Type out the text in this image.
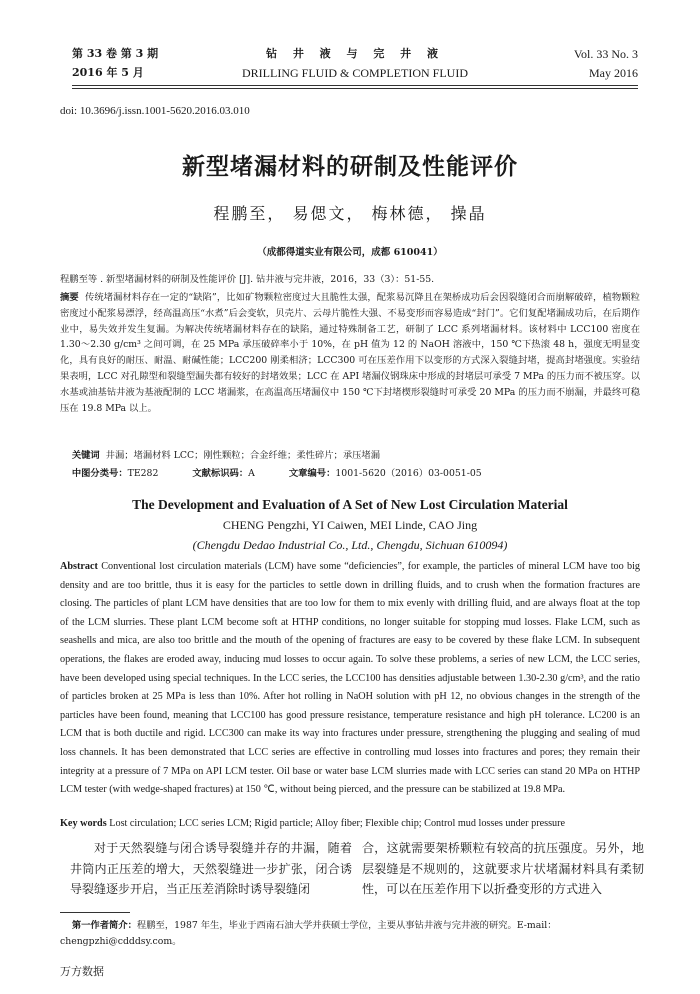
第 33 卷 第 3 期	钻 井 液 与 完 井 液	Vol. 33 No. 3
2016 年 5 月	DRILLING FLUID & COMPLETION FLUID	May 2016
doi: 10.3696/j.issn.1001-5620.2016.03.010
新型堵漏材料的研制及性能评价
程鹏至， 易偲文， 梅林德， 操晶
（成都得道实业有限公司，成都 610041）
程鹏至等 . 新型堵漏材料的研制及性能评价 [J]. 钻井液与完井液，2016，33（3）：51-55.
摘要 传统堵漏材料存在一定的“缺陷”，比如矿物颗粒密度过大且脆性太强，配浆易沉降且在架桥成功后会因裂缝闭合而崩解破碎，植物颗粒密度过小配浆易漂浮，经高温高压“水煮”后会变软，贝壳片、云母片脆性大强、不易变形而容易造成“封门”。它们复配堵漏成功后，在后期作业中，易失效并发生复漏。为解决传统堵漏材料存在的缺陷，通过特殊制备工艺，研制了 LCC 系列堵漏材料。该材料中 LCC100 密度在 1.30～2.30 g/cm³ 之间可调，在 25 MPa 承压破碎率小于 10%，在 pH 值为 12 的 NaOH 溶液中，150 ℃下热滚 48 h，强度无明显变化，具有良好的耐压、耐温、耐碱性能；LCC200 刚柔相济；LCC300 可在压差作用下以变形的方式深入裂缝封堵，提高封堵强度。实验结果表明，LCC 对孔隙型和裂缝型漏失都有较好的封堵效果；LCC 在 API 堵漏仪钢珠床中形成的封堵层可承受 7 MPa 的压力而不被压穿。以水基或油基钻井液为基液配制的 LCC 堵漏浆，在高温高压堵漏仪中 150 ℃下封堵楔形裂缝时可承受 20 MPa 的压力而不崩漏，并最终可稳压在 19.8 MPa 以上。
关键词 井漏；堵漏材料 LCC；刚性颗粒；合金纤维；柔性碎片；承压堵漏
中图分类号：TE282	文献标识码：A	文章编号：1001-5620（2016）03-0051-05
The Development and Evaluation of A Set of New Lost Circulation Material
CHENG Pengzhi, YI Caiwen, MEI Linde, CAO Jing
(Chengdu Dedao Industrial Co., Ltd., Chengdu, Sichuan 610094)
Abstract Conventional lost circulation materials (LCM) have some “deficiencies”, for example, the particles of mineral LCM have too big density and are too brittle, thus it is easy for the particles to settle down in drilling fluids, and to crush when the formation fractures are closing. The particles of plant LCM have densities that are too low for them to mix evenly with drilling fluid, and are always float at the top of the LCM slurries. These plant LCM become soft at HTHP conditions, no longer suitable for stopping mud losses. Flake LCM, such as seashells and mica, are also too brittle and the mouth of the opening of fractures are easy to be covered by these flake LCM. In subsequent operations, the flakes are eroded away, inducing mud losses to occur again. To solve these problems, a series of new LCM, the LCC series, have been developed using special techniques. In the LCC series, the LCC100 has densities adjustable between 1.30-2.30 g/cm³, and the ratio of particles broken at 25 MPa is less than 10%. After hot rolling in NaOH solution with pH 12, no obvious changes in the strength of the particles have been found, meaning that LCC100 has good pressure resistance, temperature resistance and high pH tolerance. LC200 is an LCM that is both ductile and rigid. LCC300 can make its way into fractures under pressure, strengthening the plugging and sealing of mud loss channels. It has been demonstrated that LCC series are effective in controlling mud losses into fractures and pores; they remain their integrity at a pressure of 7 MPa on API LCM tester. Oil base or water base LCM slurries made with LCC series can stand 20 MPa on HTHP LCM tester (with wedge-shaped fractures) at 150 ℃, without being pierced, and the pressure can be stabilized at 19.8 MPa.
Key words Lost circulation; LCC series LCM; Rigid particle; Alloy fiber; Flexible chip; Control mud losses under pressure
对于天然裂缝与闭合诱导裂缝并存的井漏，随着井筒内正压差的增大，天然裂缝进一步扩张，闭合诱导裂缝逐步开启，当正压差消除时诱导裂缝闭
合，这就需要架桥颗粒有较高的抗压强度。另外，地层裂缝是不规则的，这就要求片状堵漏材料具有柔韧性，可以在压差作用下以折叠变形的方式进入
第一作者简介：程鹏至，1987 年生，毕业于西南石油大学并获硕士学位，主要从事钻井液与完井液的研究。E-mail：chengpzhi@cdddsy.com。
万方数据
